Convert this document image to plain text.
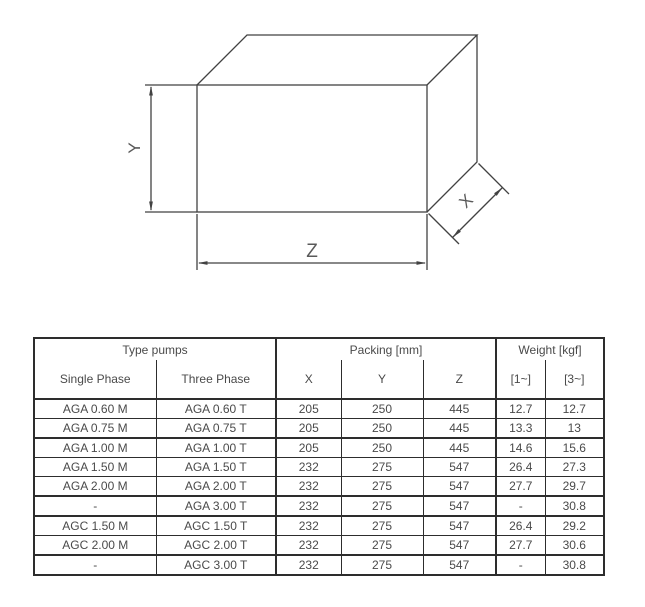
Y
Z
X
Type pumps		Packing [mm]			Weight [kgf]	
Single Phase	Three Phase	X	Y	Z	[1~]	[3~]
AGA 0.60 M	AGA 0.60 T	205	250	445	12.7	12.7
AGA 0.75 M	AGA 0.75 T	205	250	445	13.3	13
AGA 1.00 M	AGA 1.00 T	205	250	445	14.6	15.6
AGA 1.50 M	AGA 1.50 T	232	275	547	26.4	27.3
AGA 2.00 M	AGA 2.00 T	232	275	547	27.7	29.7
-	AGA 3.00 T	232	275	547	-	30.8
AGC 1.50 M	AGC 1.50 T	232	275	547	26.4	29.2
AGC 2.00 M	AGC 2.00 T	232	275	547	27.7	30.6
-	AGC 3.00 T	232	275	547	-	30.8
